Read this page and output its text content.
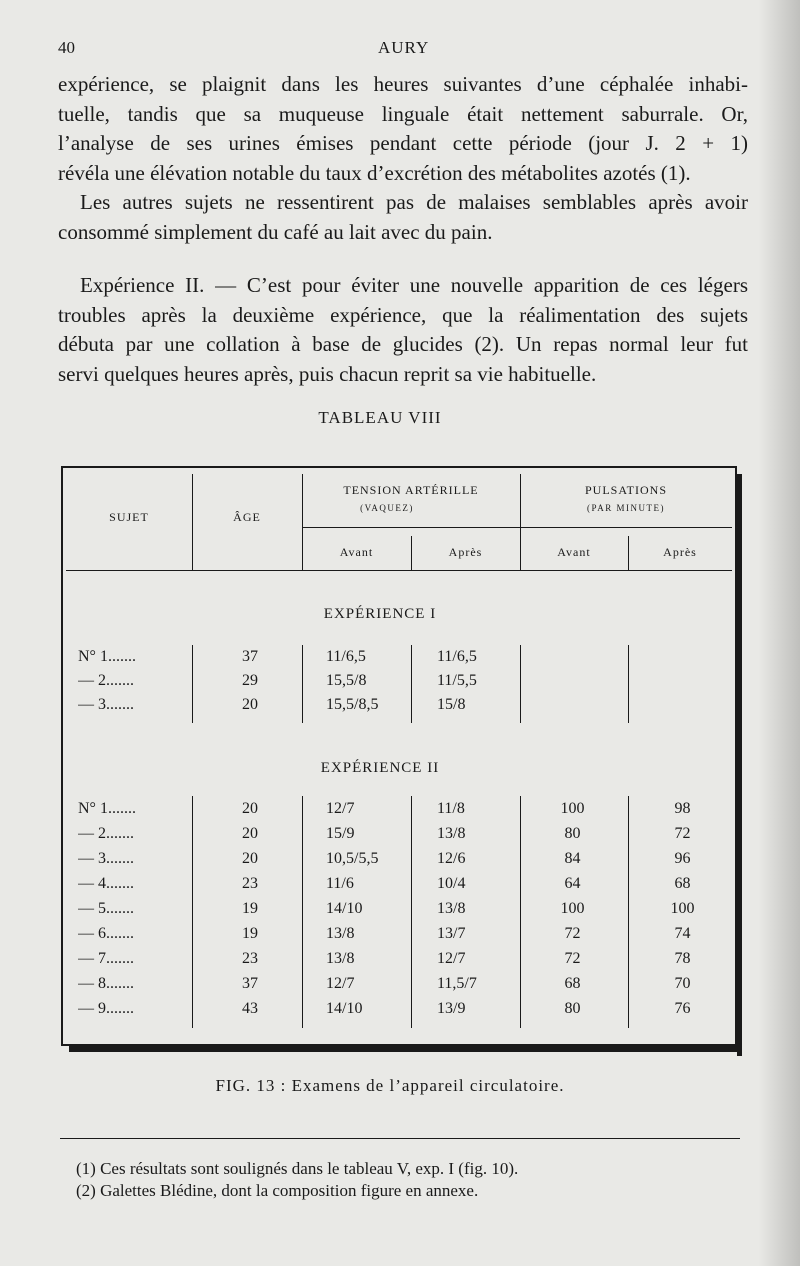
40	AURY

expérience, se plaignit dans les heures suivantes d’une céphalée inhabi-

tuelle, tandis que sa muqueuse linguale était nettement saburrale. Or,

l’analyse de ses urines émises pendant cette période (jour J. 2 + 1)

révéla une élévation notable du taux d’excrétion des métabolites azotés (1).

Les autres sujets ne ressentirent pas de malaises semblables après avoir

consommé simplement du café au lait avec du pain.

Expérience II. — C’est pour éviter une nouvelle apparition de ces légers

troubles après la deuxième expérience, que la réalimentation des sujets

débuta par une collation à base de glucides (2). Un repas normal leur fut

servi quelques heures après, puis chacun reprit sa vie habituelle.

TABLEAU VIII
SUJET	ÂGE
TENSION ARTÉRILLE
(VAQUEZ)
PULSATIONS
(PAR MINUTE)
Avant	Après	Avant	Après
EXPÉRIENCE I
N° 1.......	37	11/6,5	11/6,5
— 2.......	29	15,5/8	11/5,5
— 3.......	20	15,5/8,5	15/8
EXPÉRIENCE II
N° 1.......	20	12/7	11/8	100	98
— 2.......	20	15/9	13/8	80	72
— 3.......	20	10,5/5,5	12/6	84	96
— 4.......	23	11/6	10/4	64	68
— 5.......	19	14/10	13/8	100	100
— 6.......	19	13/8	13/7	72	74
— 7.......	23	13/8	12/7	72	78
— 8.......	37	12/7	11,5/7	68	70
— 9.......	43	14/10	13/9	80	76
FIG. 13 : Examens de l’appareil circulatoire.
(1) Ces résultats sont soulignés dans le tableau V, exp. I (fig. 10).
(2) Galettes Blédine, dont la composition figure en annexe.
